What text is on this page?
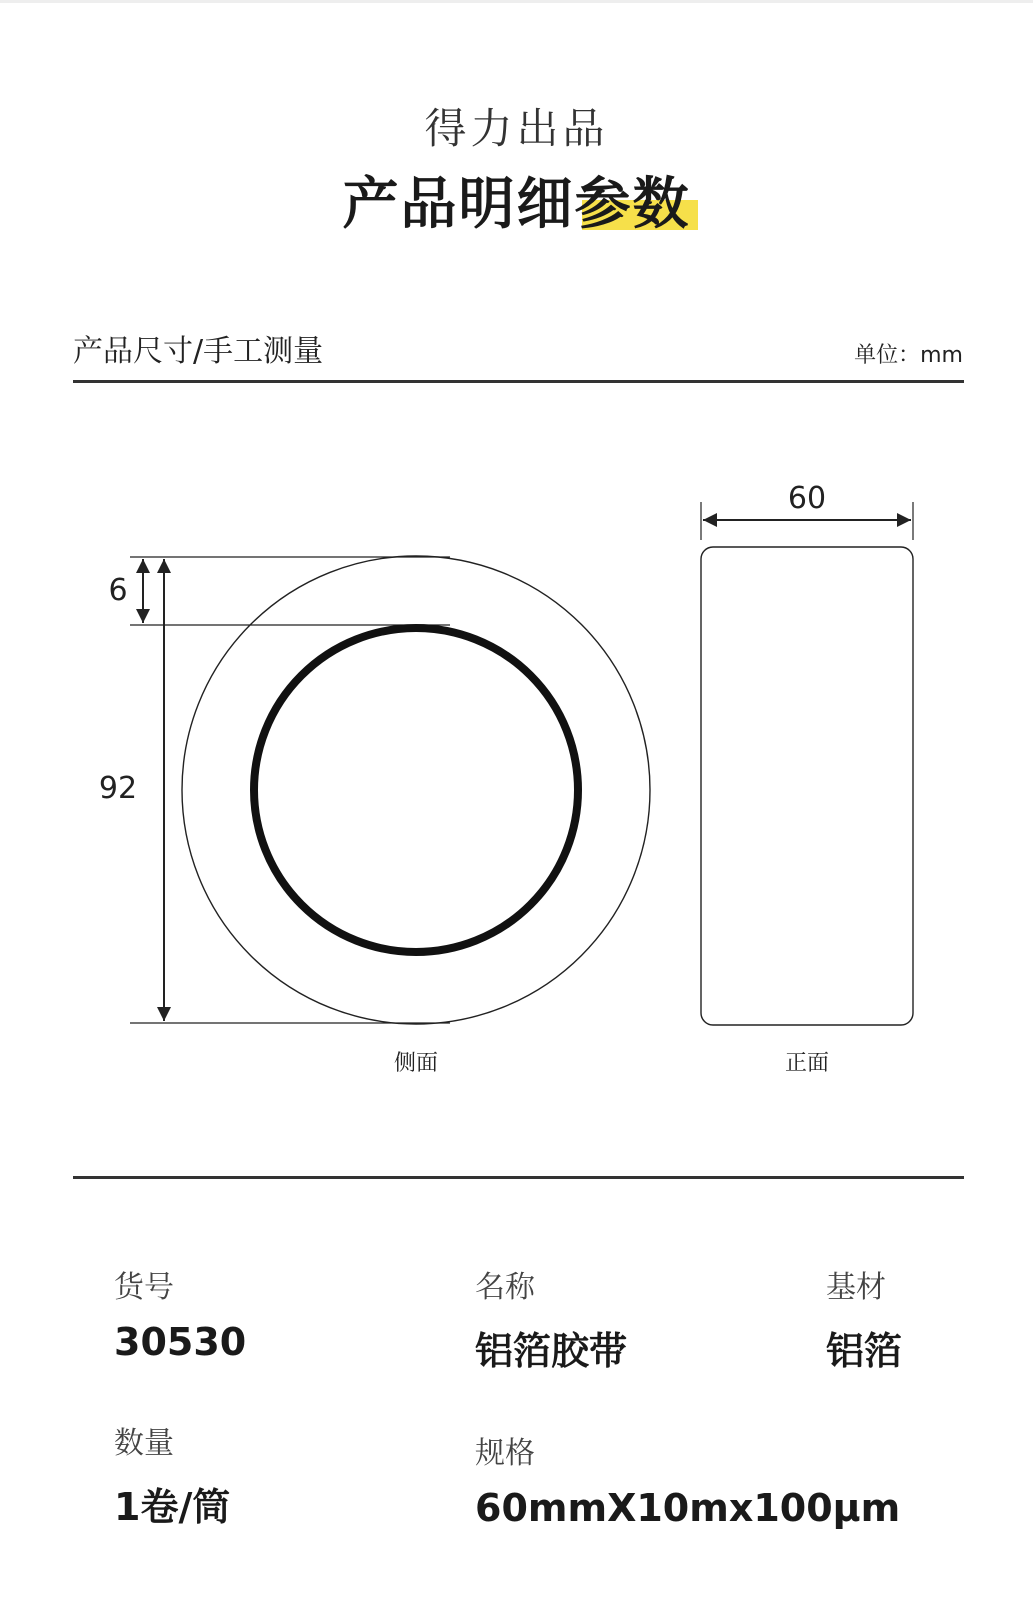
得力出品
产品明细参数
产品尺寸/手工测量	单位：mm
6
92
侧面
60
正面
货号
30530
名称
铝箔胶带
基材
铝箔
数量
1卷/筒
规格
60mmX10mx100μm
